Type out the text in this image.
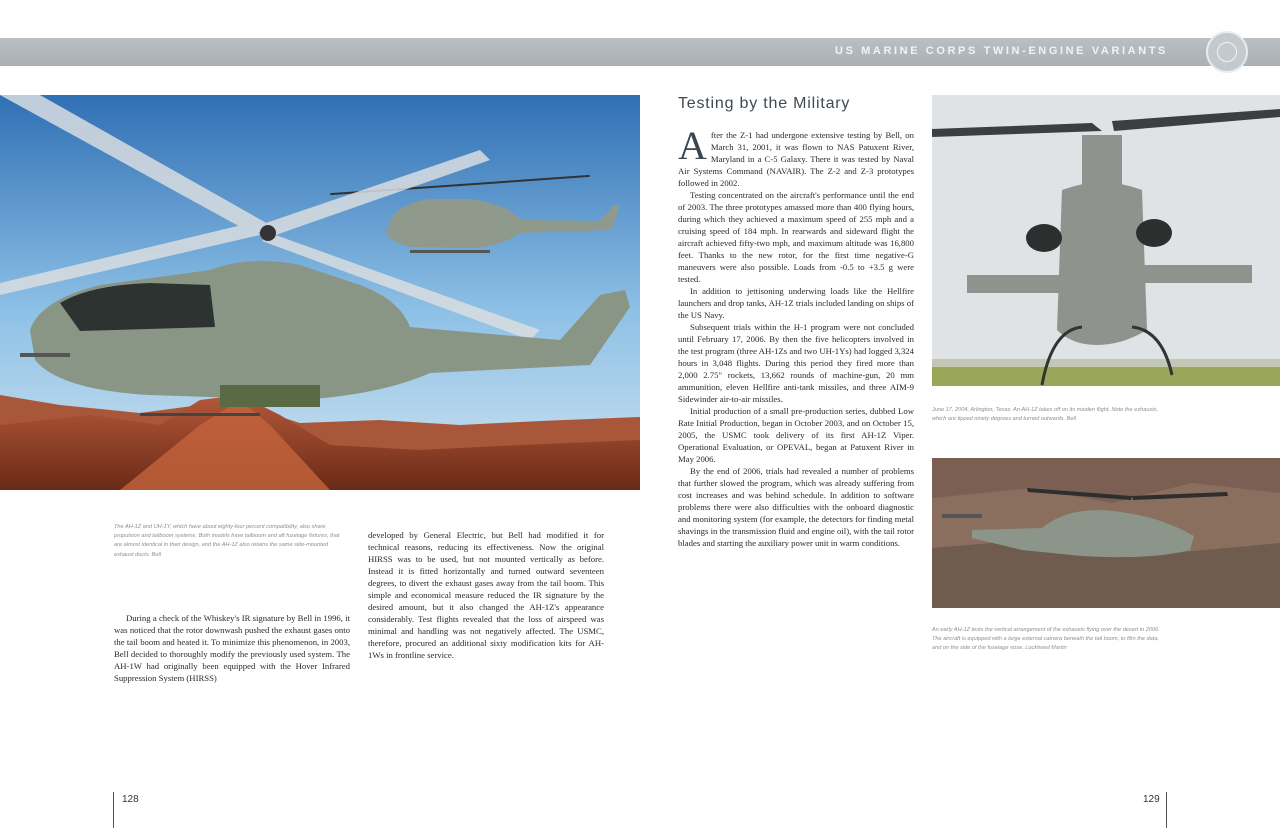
US MARINE CORPS TWIN-ENGINE VARIANTS
The AH-1Z and UH-1Y, which have about eighty-four percent compatibility, also share propulsion and tailboom systems. Both models have tailboom and aft fuselage fixtures, that are almost identical in their design, and the AH-1Z also retains the same side-mounted exhaust ducts. Bell
June 17, 2004, Arlington, Texas. An AH-1Z takes off on its maiden flight. Note the exhausts, which are tipped ninety degrees and turned outwards. Bell
An early AH-1Z tests the vertical arrangement of the exhausts flying over the desert in 2006. The aircraft is equipped with a large external camera beneath the tail boom, to film the data, and on the side of the fuselage nose. Lockheed Martin

During a check of the Whiskey's IR signature by Bell in 1996, it was noticed that the rotor downwash pushed the exhaust gases onto the tail boom and heated it. To minimize this phenomenon, in 2003, Bell decided to thoroughly modify the previously used system. The AH-1W had originally been equipped with the Hover Infrared Suppression System (HIRSS)

developed by General Electric, but Bell had modified it for technical reasons, reducing its effectiveness. Now the original HIRSS was to be used, but not mounted vertically as before. Instead it is fitted horizontally and turned outward seventeen degrees, to divert the exhaust gases away from the tail boom. This simple and economical measure reduced the IR signature by the desired amount, but it also changed the AH-1Z's appearance considerably. Test flights revealed that the loss of airspeed was minimal and handling was not negatively affected. The USMC, therefore, procured an additional sixty modification kits for AH-1Ws in frontline service.

Testing by the Military

After the Z-1 had undergone extensive testing by Bell, on March 31, 2001, it was flown to NAS Patuxent River, Maryland in a C-5 Galaxy. There it was tested by Naval Air Systems Command (NAVAIR). The Z-2 and Z-3 prototypes followed in 2002.

Testing concentrated on the aircraft's performance until the end of 2003. The three prototypes amassed more than 400 flying hours, during which they achieved a maximum speed of 255 mph and a cruising speed of 184 mph. In rearwards and sideward flight the aircraft achieved fifty-two mph, and maximum altitude was 16,800 feet. Thanks to the new rotor, for the first time negative-G maneuvers were also possible. Loads from -0.5 to +3.5 g were tested.

In addition to jettisoning underwing loads like the Hellfire launchers and drop tanks, AH-1Z trials included landing on ships of the US Navy.

Subsequent trials within the H-1 program were not concluded until February 17, 2006. By then the five helicopters involved in the test program (three AH-1Zs and two UH-1Ys) had logged 3,324 hours in 3,048 flights. During this period they fired more than 2,000 2.75" rockets, 13,662 rounds of machine-gun, 20 mm ammunition, eleven Hellfire anti-tank missiles, and three AIM-9 Sidewinder air-to-air missiles.

Initial production of a small pre-production series, dubbed Low Rate Initial Production, began in October 2003, and on October 15, 2005, the USMC took delivery of its first AH-1Z Viper. Operational Evaluation, or OPEVAL, began at Patuxent River in May 2006.

By the end of 2006, trials had revealed a number of problems that further slowed the program, which was already suffering from cost increases and was behind schedule. In addition to software problems there were also difficulties with the onboard diagnostic and monitoring system (for example, the detectors for finding metal shavings in the transmission fluid and engine oil), with the tail rotor blades and starting the auxiliary power unit in warm conditions.

128	129
